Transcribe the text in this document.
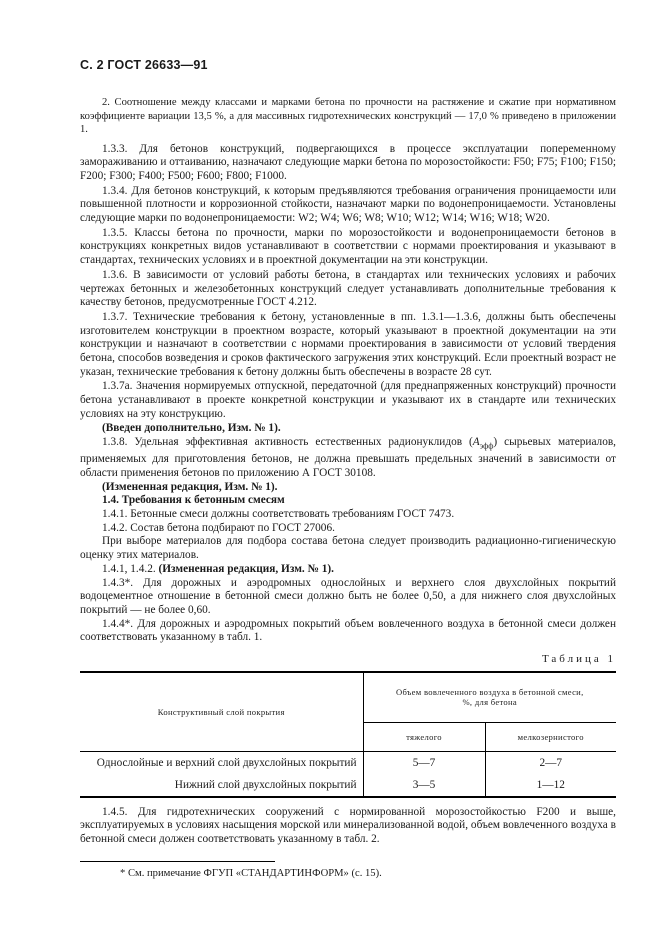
С. 2 ГОСТ 26633—91

2. Соотношение между классами и марками бетона по прочности на растяжение и сжатие при нормативном коэффициенте вариации 13,5 %, а для массивных гидротехнических конструкций — 17,0 % приведено в приложении 1.

1.3.3. Для бетонов конструкций, подвергающихся в процессе эксплуатации попеременному замораживанию и оттаиванию, назначают следующие марки бетона по морозостойкости: F50; F75; F100; F150; F200; F300; F400; F500; F600; F800; F1000.

1.3.4. Для бетонов конструкций, к которым предъявляются требования ограничения проницаемости или повышенной плотности и коррозионной стойкости, назначают марки по водонепроницаемости. Установлены следующие марки по водонепроницаемости: W2; W4; W6; W8; W10; W12; W14; W16; W18; W20.

1.3.5. Классы бетона по прочности, марки по морозостойкости и водонепроницаемости бетонов в конструкциях конкретных видов устанавливают в соответствии с нормами проектирования и указывают в стандартах, технических условиях и в проектной документации на эти конструкции.

1.3.6. В зависимости от условий работы бетона, в стандартах или технических условиях и рабочих чертежах бетонных и железобетонных конструкций следует устанавливать дополнительные требования к качеству бетонов, предусмотренные ГОСТ 4.212.

1.3.7. Технические требования к бетону, установленные в пп. 1.3.1—1.3.6, должны быть обеспечены изготовителем конструкции в проектном возрасте, который указывают в проектной документации на эти конструкции и назначают в соответствии с нормами проектирования в зависимости от условий твердения бетона, способов возведения и сроков фактического загружения этих конструкций. Если проектный возраст не указан, технические требования к бетону должны быть обеспечены в возрасте 28 сут.

1.3.7а. Значения нормируемых отпускной, передаточной (для преднапряженных конструкций) прочности бетона устанавливают в проекте конкретной конструкции и указывают их в стандарте или технических условиях на эту конструкцию.

(Введен дополнительно, Изм. № 1).

1.3.8. Удельная эффективная активность естественных радионуклидов $(A_{эфф})$ сырьевых материалов, применяемых для приготовления бетонов, не должна превышать предельных значений в зависимости от области применения бетонов по приложению А ГОСТ 30108.

(Измененная редакция, Изм. № 1).

1.4. Требования к бетонным смесям

1.4.1. Бетонные смеси должны соответствовать требованиям ГОСТ 7473.

1.4.2. Состав бетона подбирают по ГОСТ 27006.

При выборе материалов для подбора состава бетона следует производить радиационно-гигиеническую оценку этих материалов.

1.4.1, 1.4.2. (Измененная редакция, Изм. № 1).

1.4.3*. Для дорожных и аэродромных однослойных и верхнего слоя двухслойных покрытий водоцементное отношение в бетонной смеси должно быть не более 0,50, а для нижнего слоя двухслойных покрытий — не более 0,60.

1.4.4*. Для дорожных и аэродромных покрытий объем вовлеченного воздуха в бетонной смеси должен соответствовать указанному в табл. 1.

Таблица 1
Конструктивный слой покрытия	Объем вовлеченного воздуха в бетонной смеси, %, для бетона	
	тяжелого	мелкозернистого
Однослойные и верхний слой двухслойных покрытий	5—7	2—7
Нижний слой двухслойных покрытий	3—5	1—12

1.4.5. Для гидротехнических сооружений с нормированной морозостойкостью F200 и выше, эксплуатируемых в условиях насыщения морской или минерализованной водой, объем вовлеченного воздуха в бетонной смеси должен соответствовать указанному в табл. 2.

* См. примечание ФГУП «СТАНДАРТИНФОРМ» (с. 15).
